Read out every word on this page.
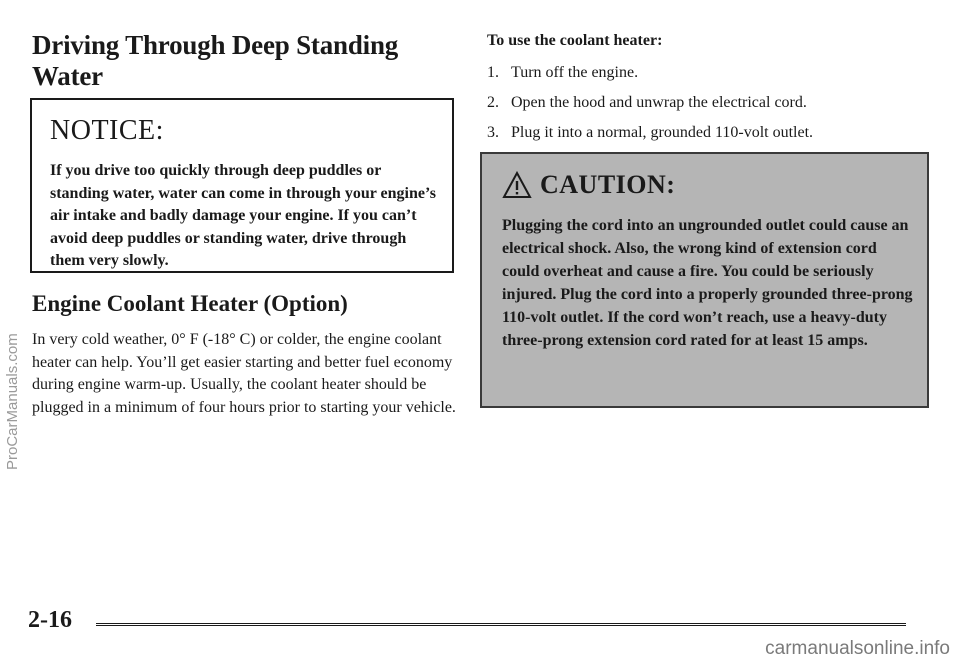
Driving Through Deep Standing Water
NOTICE:

If you drive too quickly through deep puddles or standing water, water can come in through your engine’s air intake and badly damage your engine. If you can’t avoid deep puddles or standing water, drive through them very slowly.

Engine Coolant Heater (Option)

In very cold weather, 0° F (-18° C) or colder, the engine coolant heater can help. You’ll get easier starting and better fuel economy during engine warm-up. Usually, the coolant heater should be plugged in a minimum of four hours prior to starting your vehicle.

To use the coolant heater:
1. Turn off the engine.
2. Open the hood and unwrap the electrical cord.
3. Plug it into a normal, grounded 110-volt outlet.
CAUTION:

Plugging the cord into an ungrounded outlet could cause an electrical shock. Also, the wrong kind of extension cord could overheat and cause a fire. You could be seriously injured. Plug the cord into a properly grounded three-prong 110-volt outlet. If the cord won’t reach, use a heavy-duty three-prong extension cord rated for at least 15 amps.

2-16
ProCarManuals.com
carmanualsonline.info
